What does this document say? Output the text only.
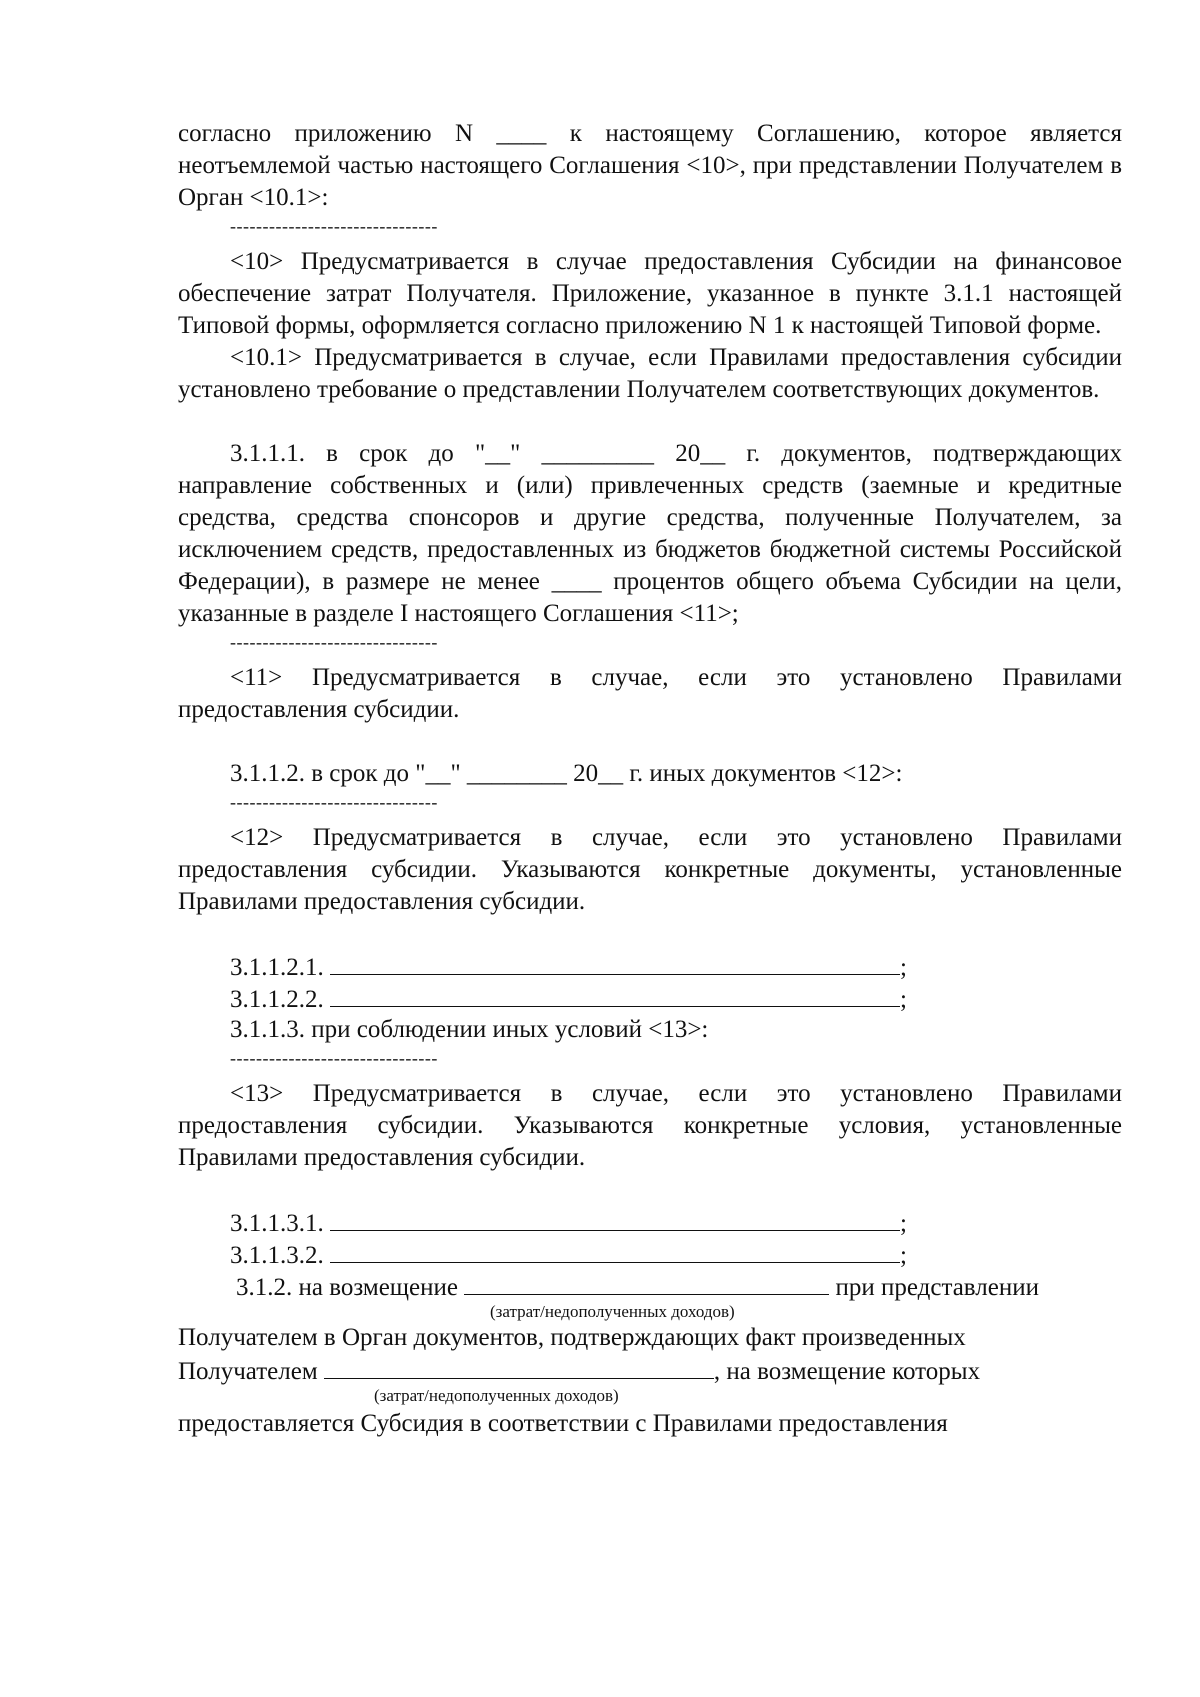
согласно приложению N ____ к настоящему Соглашению, которое является неотъемлемой частью настоящего Соглашения <10>, при представлении Получателем в Орган <10.1>:

--------------------------------

<10> Предусматривается в случае предоставления Субсидии на финансовое обеспечение затрат Получателя. Приложение, указанное в пункте 3.1.1 настоящей Типовой формы, оформляется согласно приложению N 1 к настоящей Типовой форме.

<10.1> Предусматривается в случае, если Правилами предоставления субсидии установлено требование о представлении Получателем соответствующих документов.

3.1.1.1. в срок до "__" _________ 20__ г. документов, подтверждающих направление собственных и (или) привлеченных средств (заемные и кредитные средства, средства спонсоров и другие средства, полученные Получателем, за исключением средств, предоставленных из бюджетов бюджетной системы Российской Федерации), в размере не менее ____ процентов общего объема Субсидии на цели, указанные в разделе I настоящего Соглашения <11>;

--------------------------------

<11> Предусматривается в случае, если это установлено Правилами предоставления субсидии.

3.1.1.2. в срок до "__" ________ 20__ г. иных документов <12>:

--------------------------------

<12> Предусматривается в случае, если это установлено Правилами предоставления субсидии. Указываются конкретные документы, установленные Правилами предоставления субсидии.

3.1.1.2.1.	;
3.1.1.2.2.	;

3.1.1.3. при соблюдении иных условий <13>:

--------------------------------

<13> Предусматривается в случае, если это установлено Правилами предоставления субсидии. Указываются конкретные условия, установленные Правилами предоставления субсидии.

3.1.1.3.1.	;
3.1.1.3.2.	;
3.1.2. на возмещение	при представлении
(затрат/недополученных доходов)

Получателем в Орган документов, подтверждающих факт произведенных

Получателем	, на возмещение которых
(затрат/недополученных доходов)

предоставляется Субсидия в соответствии с Правилами предоставления
